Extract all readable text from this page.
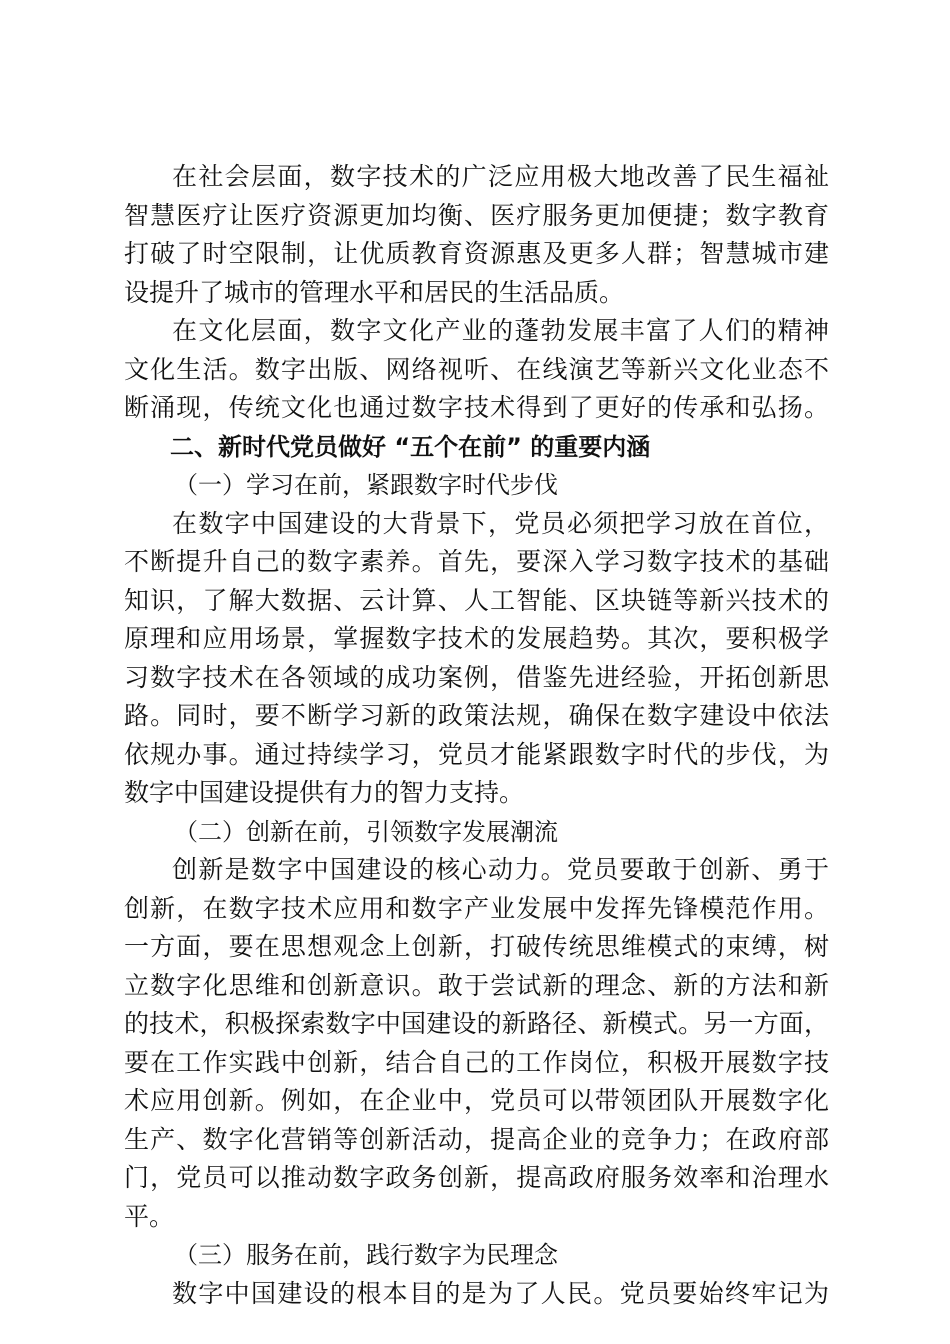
在社会层面，数字技术的广泛应用极大地改善了民生福祉
智慧医疗让医疗资源更加均衡、医疗服务更加便捷；数字教育
打破了时空限制，让优质教育资源惠及更多人群；智慧城市建
设提升了城市的管理水平和居民的生活品质。
在文化层面，数字文化产业的蓬勃发展丰富了人们的精神
文化生活。数字出版、网络视听、在线演艺等新兴文化业态不
断涌现，传统文化也通过数字技术得到了更好的传承和弘扬。
二、新时代党员做好 “五个在前” 的重要内涵
（一）学习在前，紧跟数字时代步伐
在数字中国建设的大背景下，党员必须把学习放在首位，
不断提升自己的数字素养。首先，要深入学习数字技术的基础
知识，了解大数据、云计算、人工智能、区块链等新兴技术的
原理和应用场景，掌握数字技术的发展趋势。其次，要积极学
习数字技术在各领域的成功案例，借鉴先进经验，开拓创新思
路。同时，要不断学习新的政策法规，确保在数字建设中依法
依规办事。通过持续学习，党员才能紧跟数字时代的步伐，为
数字中国建设提供有力的智力支持。
（二）创新在前，引领数字发展潮流
创新是数字中国建设的核心动力。党员要敢于创新、勇于
创新，在数字技术应用和数字产业发展中发挥先锋模范作用。
一方面，要在思想观念上创新，打破传统思维模式的束缚，树
立数字化思维和创新意识。敢于尝试新的理念、新的方法和新
的技术，积极探索数字中国建设的新路径、新模式。另一方面，
要在工作实践中创新，结合自己的工作岗位，积极开展数字技
术应用创新。例如，在企业中，党员可以带领团队开展数字化
生产、数字化营销等创新活动，提高企业的竞争力；在政府部
门，党员可以推动数字政务创新，提高政府服务效率和治理水
平。
（三）服务在前，践行数字为民理念
数字中国建设的根本目的是为了人民。党员要始终牢记为
